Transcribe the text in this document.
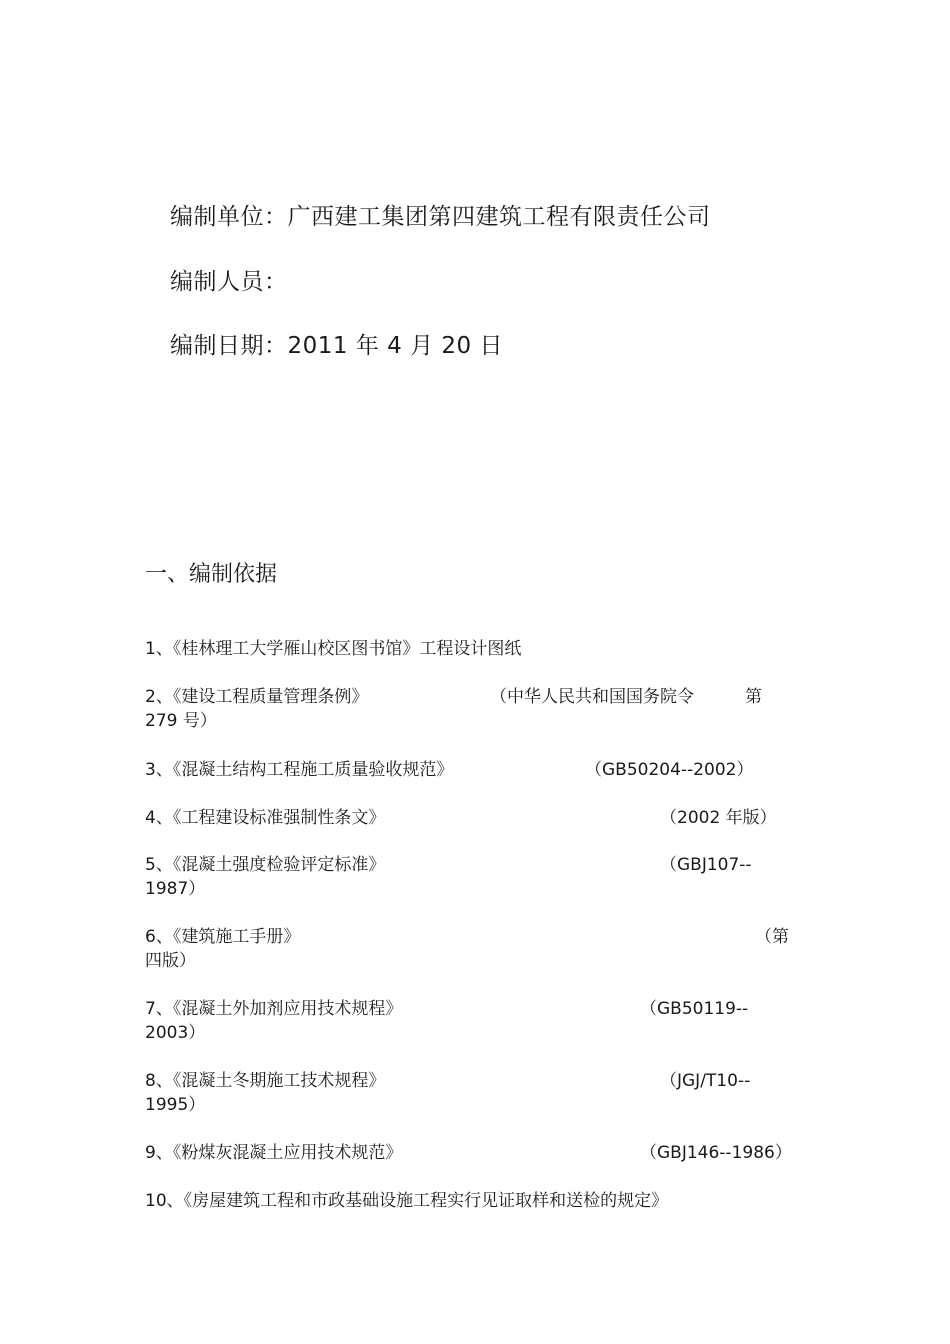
编制单位：广西建工集团第四建筑工程有限责任公司
编制人员：
编制日期：2011 年 4 月 20 日
一、编制依据
1、《桂林理工大学雁山校区图书馆》工程设计图纸
2、《建设工程质量管理条例》	（中华人民共和国国务院令　　　第
279 号）
3、《混凝土结构工程施工质量验收规范》	（GB50204--2002）
4、《工程建设标准强制性条文》	（2002 年版）
5、《混凝土强度检验评定标准》	（GBJ107--
1987）
6、《建筑施工手册》	（第
四版）
7、《混凝土外加剂应用技术规程》	（GB50119--
2003）
8、《混凝土冬期施工技术规程》	（JGJ/T10--
1995）
9、《粉煤灰混凝土应用技术规范》	（GBJ146--1986）
10、《房屋建筑工程和市政基础设施工程实行见证取样和送检的规定》
